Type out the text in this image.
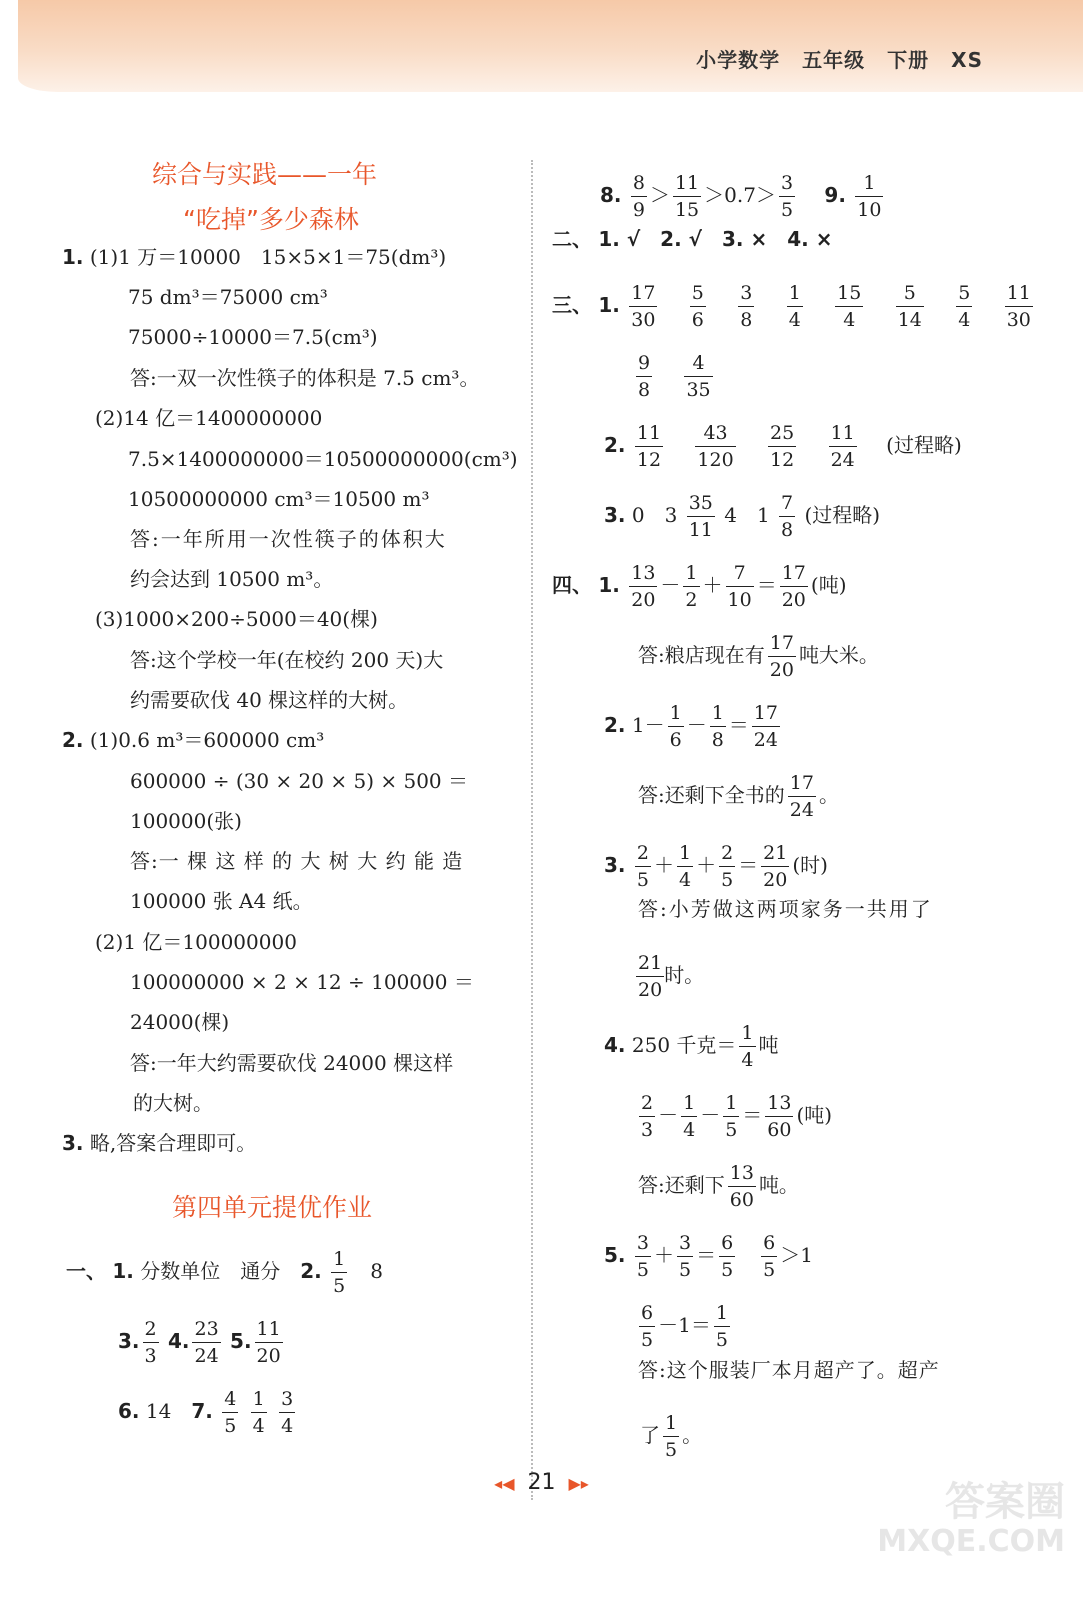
小学数学 五年级 下册 XS
综合与实践——一年
“吃掉”多少森林
1. (1)1 万＝10000　15×5×1＝75(dm³)
75 dm³＝75000 cm³
75000÷10000＝7.5(cm³)
答:一双一次性筷子的体积是 7.5 cm³。
(2)14 亿＝1400000000
7.5×1400000000＝10500000000(cm³)
10500000000 cm³＝10500 m³
答:一年所用一次性筷子的体积大
约会达到 10500 m³。
(3)1000×200÷5000＝40(棵)
答:这个学校一年(在校约 200 天)大
约需要砍伐 40 棵这样的大树。
2. (1)0.6 m³＝600000 cm³
600000 ÷ (30 × 20 × 5) × 500 ＝
100000(张)
答:一 棵 这 样 的 大 树 大 约 能 造
100000 张 A4 纸。
(2)1 亿＝100000000
100000000 × 2 × 12 ÷ 100000 ＝
24000(棵)
答:一年大约需要砍伐 24000 棵这样
的大树。
3. 略,答案合理即可。
第四单元提优作业
一、 1. 分数单位　通分　 2. $\frac{1}{5}$
　 8
3. $\frac{2}{3} 4$. $\frac{23}{24} 5$. $\frac{11}{20}$
6. 14　 7. $\frac{4}{5}$
$\frac{1}{4}$
$\frac{3}{4}$
8. $\frac{8}{9} > \frac{11}{15} >0.7> \frac{3}{5}$
　 9. $\frac{1}{10}$
二、 1. √　2. √　3. ×　4. ×
三、 1. $\frac{17}{30}$
　 $\frac{5}{6}$
　 $\frac{3}{8}$
　 $\frac{1}{4}$
　 $\frac{15}{4}$
　 $\frac{5}{14}$
　 $\frac{5}{4}$
　 $\frac{11}{30}$
$\frac{9}{8}$
　 $\frac{4}{35}$
2. $\frac{11}{12}$
　 $\frac{43}{120}$
　 $\frac{25}{12}$
　 $\frac{11}{24}$
　 (过程略)
3. 0　$3 \frac{35}{11} 4$　$1 \frac{7}{8}$ (过程略)
四、 1. $\frac{13}{20} - \frac{1}{2} + \frac{7}{10} = \frac{17}{20}$ (吨)
答:粮店现在有 $\frac{17}{20}$ 吨大米。
2. $1- \frac{1}{6} - \frac{1}{8} = \frac{17}{24}$
答:还剩下全书的 $\frac{17}{24}$ 。
3. $\frac{2}{5} + \frac{1}{4} + \frac{2}{5} = \frac{21}{20}$ (时)
答:小芳做这两项家务一共用了
$\frac{21}{20}$ 时。
4. 250 千克＝ $\frac{1}{4}$ 吨
$\frac{2}{3} - \frac{1}{4} - \frac{1}{5} = \frac{13}{60}$ (吨)
答:还剩下 $\frac{13}{60}$ 吨。
5. $\frac{3}{5} + \frac{3}{5} = \frac{6}{5}$
　 $\frac{6}{5} >1$
$\frac{6}{5} -1= \frac{1}{5}$
答:这个服装厂本月超产了。超产
了 $\frac{1}{5}$ 。
◂◀ 21 ▶▸	答案圈
MXQE.COM
